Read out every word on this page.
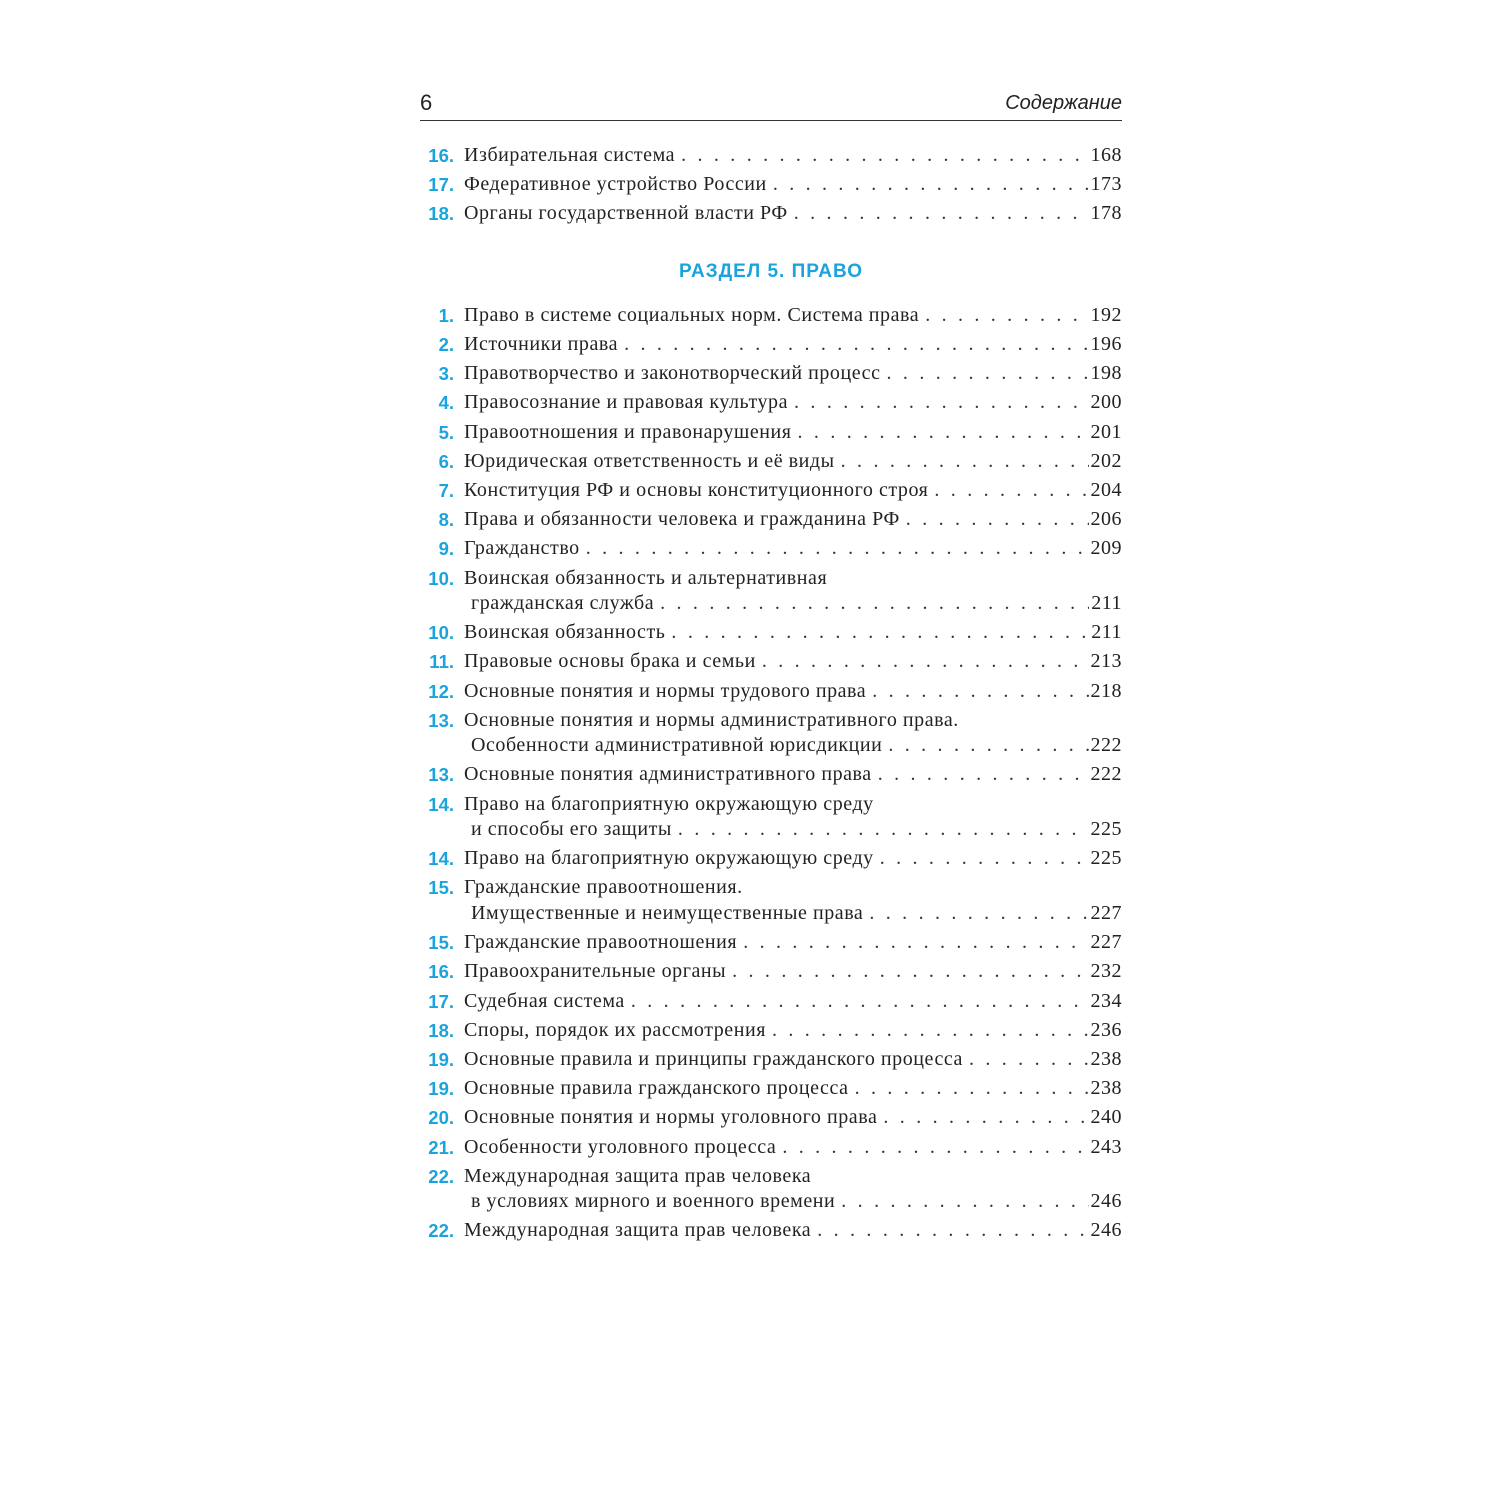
6	Содержание
16. Избирательная система . . .	168
17. Федеративное устройство России . . .	173
18. Органы государственной власти РФ . . .	178
РАЗДЕЛ 5. ПРАВО
1. Право в системе социальных норм. Система права . . .	192
2. Источники права . . .	196
3. Правотворчество и законотворческий процесс . . .	198
4. Правосознание и правовая культура . . .	200
5. Правоотношения и правонарушения . . .	201
6. Юридическая ответственность и её виды . . .	202
7. Конституция РФ и основы конституционного строя . . .	204
8. Права и обязанности человека и гражданина РФ . . .	206
9. Гражданство . . .	209
10. Воинская обязанность и альтернативная
гражданская служба . . .	211
10. Воинская обязанность . . .	211
11. Правовые основы брака и семьи . . .	213
12. Основные понятия и нормы трудового права . . .	218
13. Основные понятия и нормы административного права.
Особенности административной юрисдикции . . .	222
13. Основные понятия административного права . . .	222
14. Право на благоприятную окружающую среду
и способы его защиты . . .	225
14. Право на благоприятную окружающую среду . . .	225
15. Гражданские правоотношения.
Имущественные и неимущественные права . . .	227
15. Гражданские правоотношения . . .	227
16. Правоохранительные органы . . .	232
17. Судебная система . . .	234
18. Споры, порядок их рассмотрения . . .	236
19. Основные правила и принципы гражданского процесса . . .	238
19. Основные правила гражданского процесса . . .	238
20. Основные понятия и нормы уголовного права . . .	240
21. Особенности уголовного процесса . . .	243
22. Международная защита прав человека
в условиях мирного и военного времени . . .	246
22. Международная защита прав человека . . .	246
